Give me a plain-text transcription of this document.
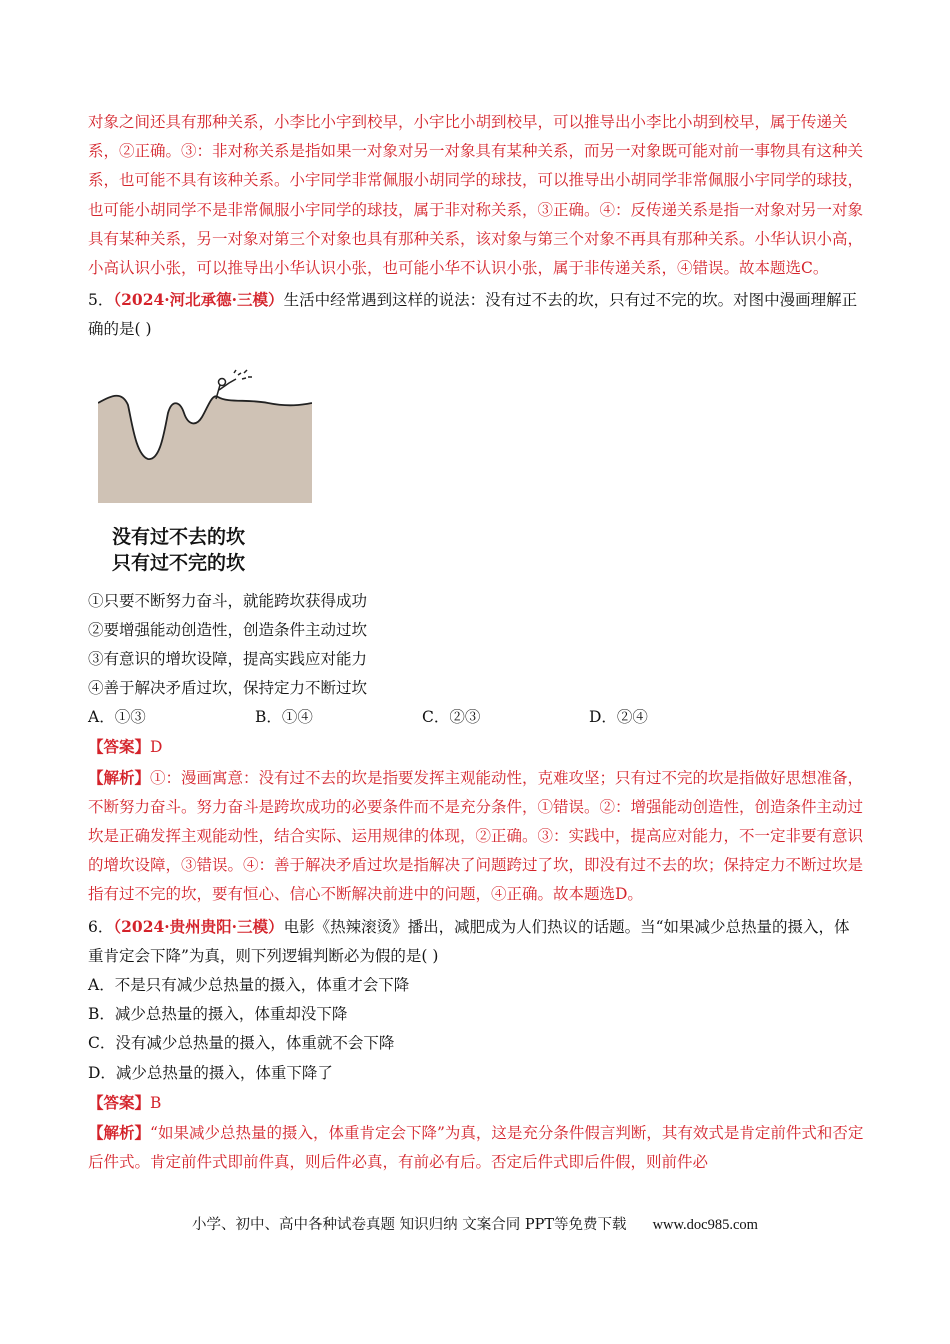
对象之间还具有那种关系，小李比小宇到校早，小宇比小胡到校早，可以推导出小李比小胡到校早，属于传递关系，②正确。③：非对称关系是指如果一对象对另一对象具有某种关系，而另一对象既可能对前一事物具有这种关系，也可能不具有该种关系。小宇同学非常佩服小胡同学的球技，可以推导出小胡同学非常佩服小宇同学的球技，也可能小胡同学不是非常佩服小宇同学的球技，属于非对称关系，③正确。④：反传递关系是指一对象对另一对象具有某种关系，另一对象对第三个对象也具有那种关系，该对象与第三个对象不再具有那种关系。小华认识小高，小高认识小张，可以推导出小华认识小张，也可能小华不认识小张，属于非传递关系，④错误。故本题选C。

5．（2024·河北承德·三模）生活中经常遇到这样的说法：没有过不去的坎，只有过不完的坎。对图中漫画理解正确的是( )

没有过不去的坎
只有过不完的坎

①只要不断努力奋斗，就能跨坎获得成功

②要增强能动创造性，创造条件主动过坎

③有意识的增坎设障，提高实践应对能力

④善于解决矛盾过坎，保持定力不断过坎

A．①③	B．①④	C．②③	D．②④

【答案】D

【解析】①：漫画寓意：没有过不去的坎是指要发挥主观能动性，克难攻坚；只有过不完的坎是指做好思想准备，不断努力奋斗。努力奋斗是跨坎成功的必要条件而不是充分条件，①错误。②：增强能动创造性，创造条件主动过坎是正确发挥主观能动性，结合实际、运用规律的体现，②正确。③：实践中，提高应对能力，不一定非要有意识的增坎设障，③错误。④：善于解决矛盾过坎是指解决了问题跨过了坎，即没有过不去的坎；保持定力不断过坎是指有过不完的坎，要有恒心、信心不断解决前进中的问题，④正确。故本题选D。

6．（2024·贵州贵阳·三模）电影《热辣滚烫》播出，减肥成为人们热议的话题。当“如果减少总热量的摄入，体重肯定会下降”为真，则下列逻辑判断必为假的是( )

A．不是只有减少总热量的摄入，体重才会下降

B．减少总热量的摄入，体重却没下降

C．没有减少总热量的摄入，体重就不会下降

D．减少总热量的摄入，体重下降了

【答案】B

【解析】“如果减少总热量的摄入，体重肯定会下降”为真，这是充分条件假言判断，其有效式是肯定前件式和否定后件式。肯定前件式即前件真，则后件必真，有前必有后。否定后件式即后件假，则前件必

小学、初中、高中各种试卷真题 知识归纳 文案合同 PPT等免费下载 www.doc985.com
